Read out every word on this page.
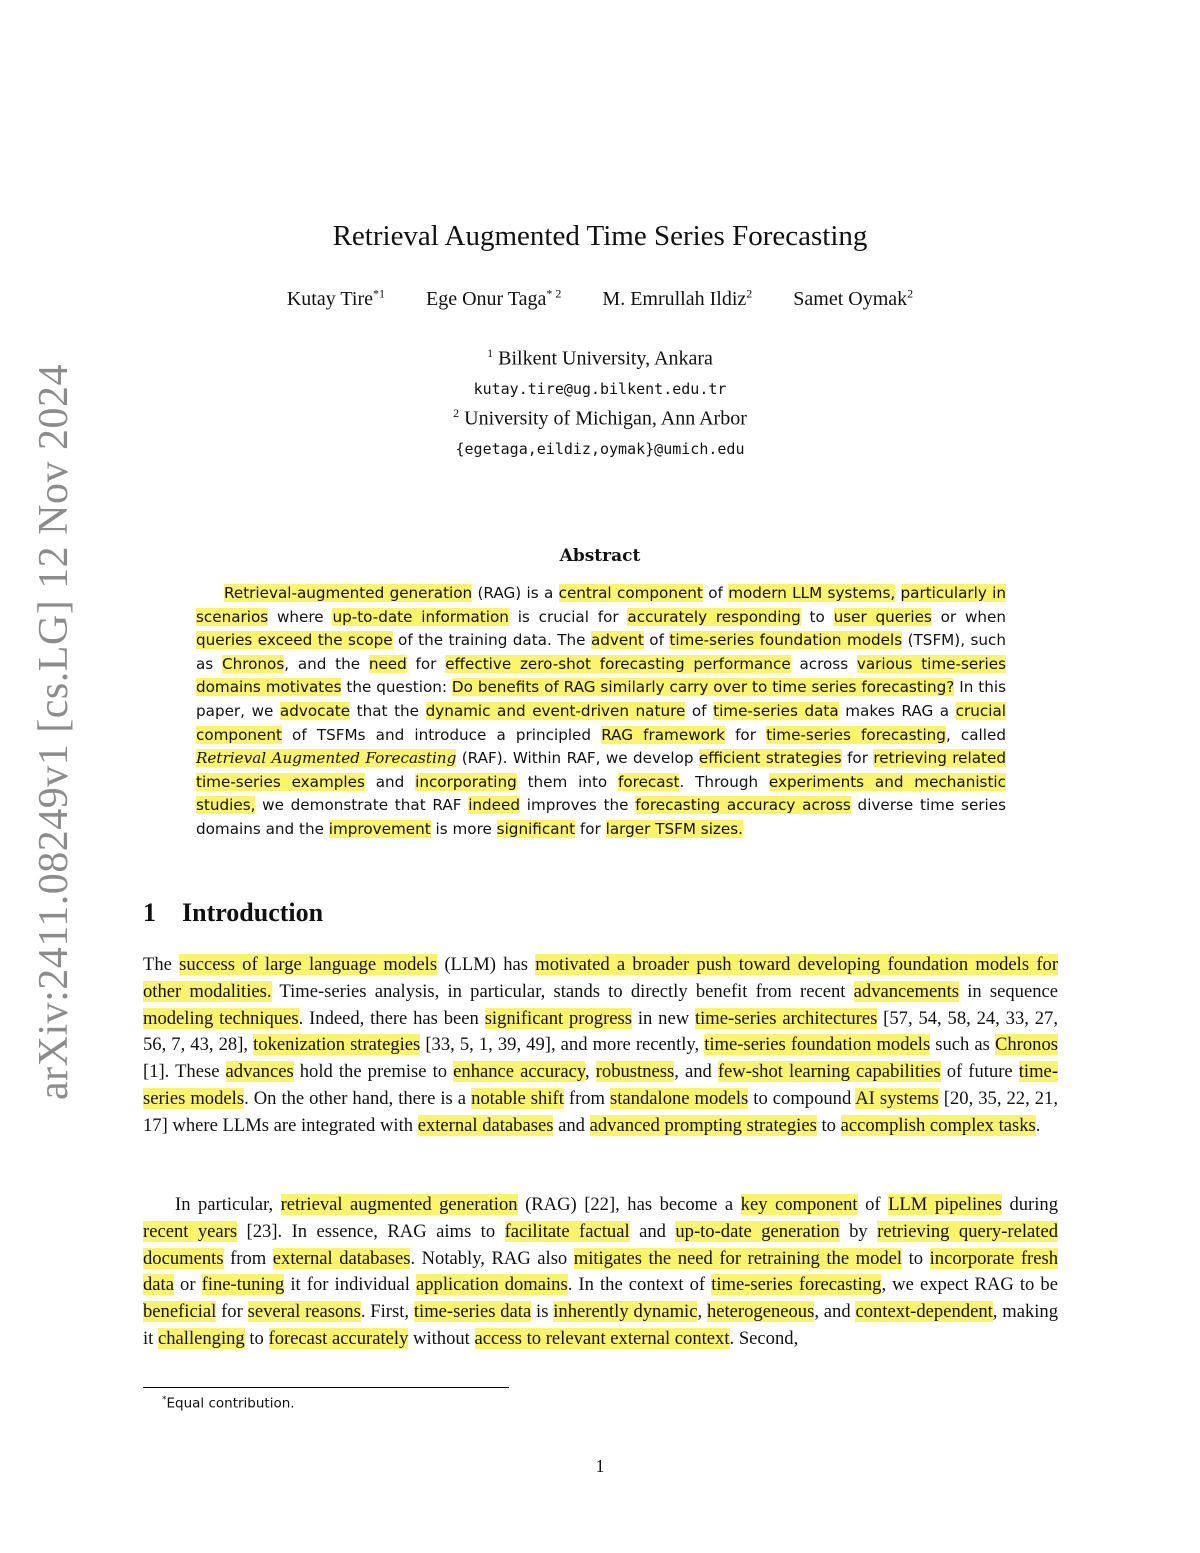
arXiv:2411.08249v1 [cs.LG] 12 Nov 2024
Retrieval Augmented Time Series Forecasting
Kutay Tire$^{*1}$ Ege Onur Taga$^{* 2}$ M. Emrullah Ildiz$^2$ Samet Oymak$^2$
$^1$ Bilkent University, Ankara
kutay.tire@ug.bilkent.edu.tr
$^2$ University of Michigan, Ann Arbor
{egetaga,eildiz,oymak}@umich.edu
Abstract
Retrieval-augmented generation (RAG) is a central component of modern LLM systems, particularly in scenarios where up-to-date information is crucial for accurately responding to user queries or when queries exceed the scope of the training data. The advent of time-series foundation models (TSFM), such as Chronos, and the need for effective zero-shot forecasting performance across various time-series domains motivates the question: Do benefits of RAG similarly carry over to time series forecasting? In this paper, we advocate that the dynamic and event-driven nature of time-series data makes RAG a crucial component of TSFMs and introduce a principled RAG framework for time-series forecasting, called Retrieval Augmented Forecasting (RAF). Within RAF, we develop efficient strategies for retrieving related time-series examples and incorporating them into forecast. Through experiments and mechanistic studies, we demonstrate that RAF indeed improves the forecasting accuracy across diverse time series domains and the improvement is more significant for larger TSFM sizes.
1 Introduction
The success of large language models (LLM) has motivated a broader push toward developing foundation models for other modalities. Time-series analysis, in particular, stands to directly benefit from recent advancements in sequence modeling techniques. Indeed, there has been significant progress in new time-series architectures [57, 54, 58, 24, 33, 27, 56, 7, 43, 28], tokenization strategies [33, 5, 1, 39, 49], and more recently, time-series foundation models such as Chronos [1]. These advances hold the premise to enhance accuracy, robustness, and few-shot learning capabilities of future time-series models. On the other hand, there is a notable shift from standalone models to compound AI systems [20, 35, 22, 21, 17] where LLMs are integrated with external databases and advanced prompting strategies to accomplish complex tasks.
In particular, retrieval augmented generation (RAG) [22], has become a key component of LLM pipelines during recent years [23]. In essence, RAG aims to facilitate factual and up-to-date generation by retrieving query-related documents from external databases. Notably, RAG also mitigates the need for retraining the model to incorporate fresh data or fine-tuning it for individual application domains. In the context of time-series forecasting, we expect RAG to be beneficial for several reasons. First, time-series data is inherently dynamic, heterogeneous, and context-dependent, making it challenging to forecast accurately without access to relevant external context. Second,
*Equal contribution.
1
